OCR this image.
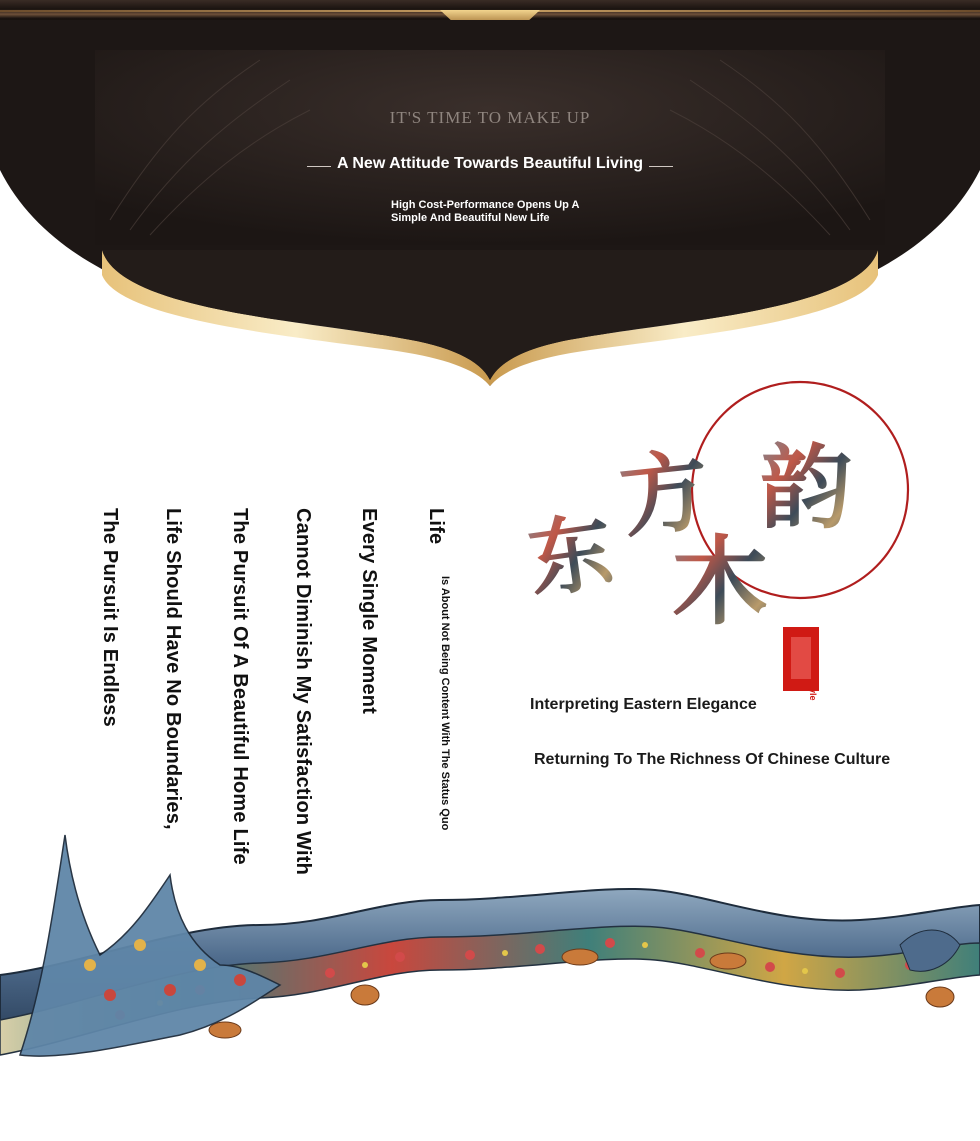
IT'S TIME TO MAKE UP
A New Attitude Towards Beautiful Living
High Cost-Performance Opens Up A
Simple And Beautiful New Life
Life
Is About Not Being Content With The Status Quo
Every Single Moment
Cannot Diminish My Satisfaction With
The Pursuit Of A Beautiful Home Life
Life Should Have No Boundaries,
The Pursuit Is Endless	东
方
木
韵
yle
Interpreting Eastern Elegance
Returning To The Richness Of Chinese Culture
